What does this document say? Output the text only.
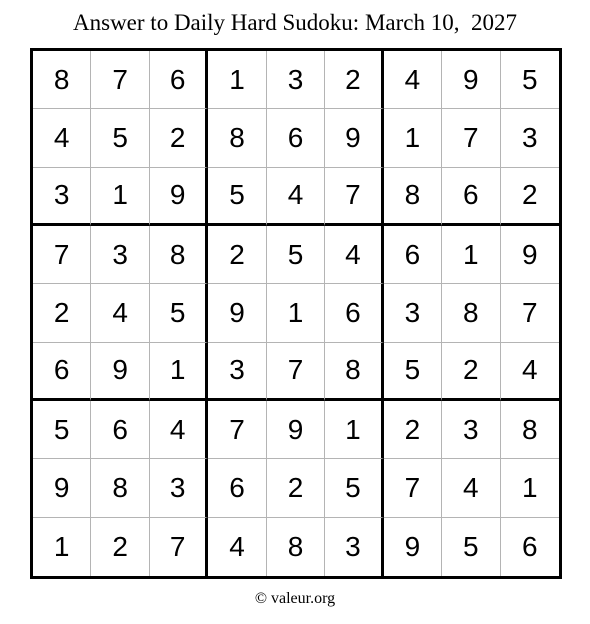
Answer to Daily Hard Sudoku: March 10,  2027
8	7	6	1	3	2	4	9	5
4	5	2	8	6	9	1	7	3
3	1	9	5	4	7	8	6	2
7	3	8	2	5	4	6	1	9
2	4	5	9	1	6	3	8	7
6	9	1	3	7	8	5	2	4
5	6	4	7	9	1	2	3	8
9	8	3	6	2	5	7	4	1
1	2	7	4	8	3	9	5	6
© valeur.org
